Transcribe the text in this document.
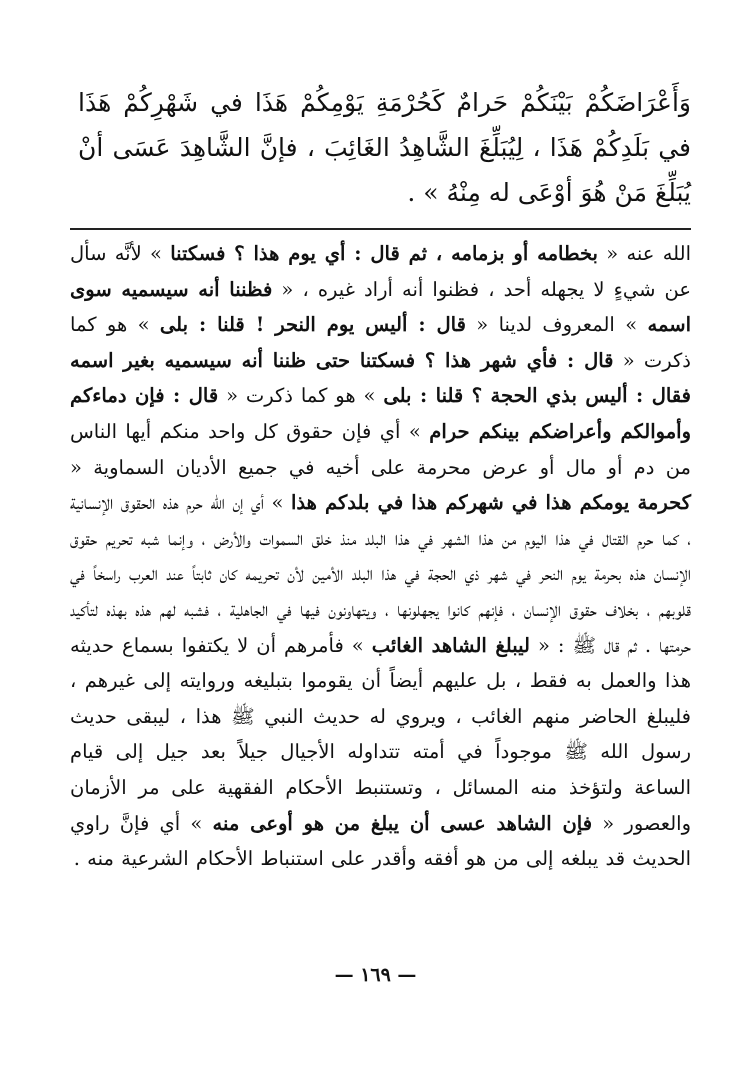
وَأَعْرَاضَكُمْ بَيْنَكُمْ حَرامٌ كَحُرْمَةِ يَوْمِكُمْ هَذَا في شَهْرِكُمْ هَذَا في بَلَدِكُمْ هَذَا ، لِيُبَلِّغَ الشَّاهِدُ الغَائِبَ ، فإنَّ الشَّاهِدَ عَسَى أنْ يُبَلِّغَ مَنْ هُوَ أوْعَى له مِنْهُ » .

الله عنه « بخطامه أو بزمامه ، ثم قال : أي يوم هذا ؟ فسكتنا » لأنَّه سأل عن شيءٍ لا يجهله أحد ، فظنوا أنه أراد غيره ، « فظننا أنه سيسميه سوى اسمه » المعروف لدينا « قال : أليس يوم النحر ! قلنا : بلى » هو كما ذكرت « قال : فأي شهر هذا ؟ فسكتنا حتى ظننا أنه سيسميه بغير اسمه فقال : أليس بذي الحجة ؟ قلنا : بلى » هو كما ذكرت « قال : فإن دماءكم وأموالكم وأعراضكم بينكم حرام » أي فإن حقوق كل واحد منكم أيها الناس من دم أو مال أو عرض محرمة على أخيه في جميع الأديان السماوية « كحرمة يومكم هذا في شهركم هذا في بلدكم هذا » أي إن الله حرم هذه الحقوق الإنسانية ، كما حرم القتال في هذا اليوم من هذا الشهر في هذا البلد منذ خلق السموات والأرض ، وإنما شبه تحريم حقوق الإنسان هذه بحرمة يوم النحر في شهر ذي الحجة في هذا البلد الأمين لأن تحريمه كان ثابتاً عند العرب راسخاً في قلوبهم ، بخلاف حقوق الإنسان ، فإنهم كانوا يجهلونها ، ويتهاونون فيها في الجاهلية ، فشبه لهم هذه بهذه لتأكيد حرمتها . ثم قال ﷺ : « ليبلغ الشاهد الغائب » فأمرهم أن لا يكتفوا بسماع حديثه هذا والعمل به فقط ، بل عليهم أيضاً أن يقوموا بتبليغه وروايته إلى غيرهم ، فليبلغ الحاضر منهم الغائب ، ويروي له حديث النبي ﷺ هذا ، ليبقى حديث رسول الله ﷺ موجوداً في أمته تتداوله الأجيال جيلاً بعد جيل إلى قيام الساعة ولتؤخذ منه المسائل ، وتستنبط الأحكام الفقهية على مر الأزمان والعصور « فإن الشاهد عسى أن يبلغ من هو أوعى منه » أي فإنَّ راوي الحديث قد يبلغه إلى من هو أفقه وأقدر على استنباط الأحكام الشرعية منه .

— ١٦٩ —
